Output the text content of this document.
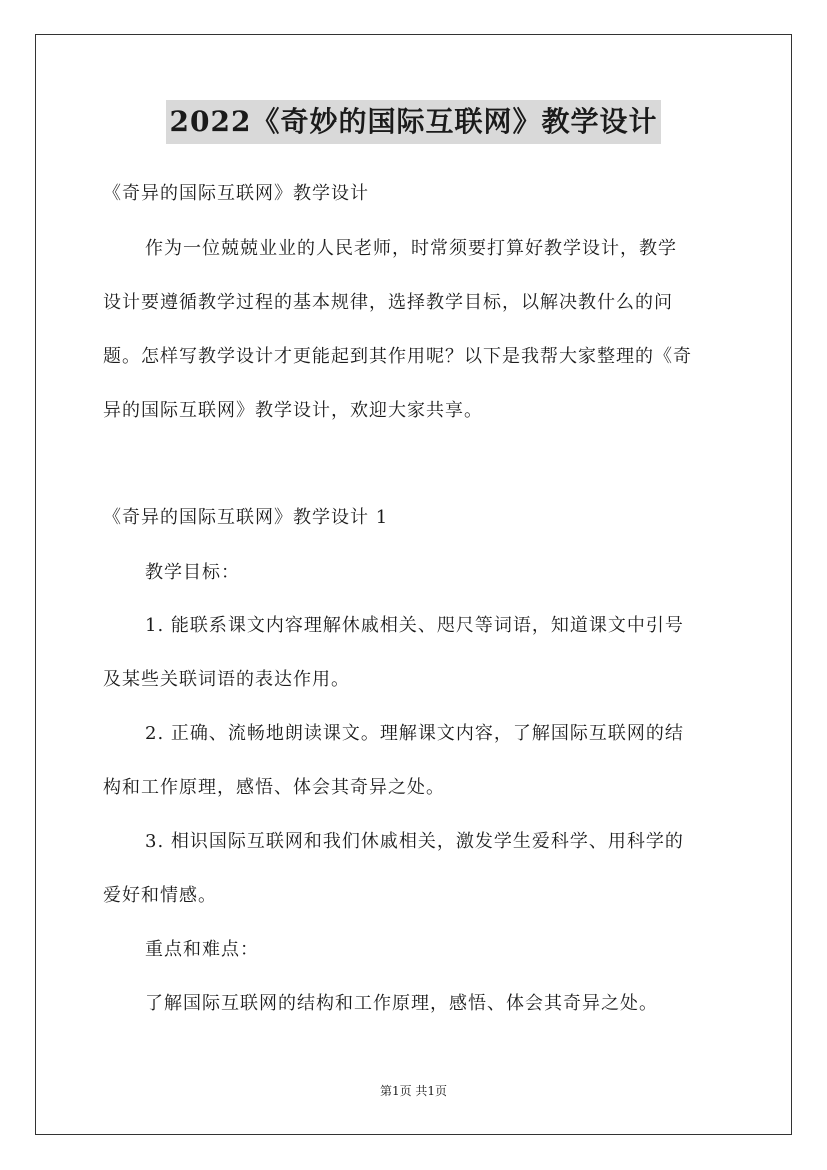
2022《奇妙的国际互联网》教学设计
《奇异的国际互联网》教学设计
作为一位兢兢业业的人民老师，时常须要打算好教学设计，教学
设计要遵循教学过程的基本规律，选择教学目标，以解决教什么的问
题。怎样写教学设计才更能起到其作用呢？以下是我帮大家整理的《奇
异的国际互联网》教学设计，欢迎大家共享。
《奇异的国际互联网》教学设计 1
教学目标：
1. 能联系课文内容理解休戚相关、咫尺等词语，知道课文中引号
及某些关联词语的表达作用。
2. 正确、流畅地朗读课文。理解课文内容，了解国际互联网的结
构和工作原理，感悟、体会其奇异之处。
3. 相识国际互联网和我们休戚相关，激发学生爱科学、用科学的
爱好和情感。
重点和难点：
了解国际互联网的结构和工作原理，感悟、体会其奇异之处。
第1页 共1页
